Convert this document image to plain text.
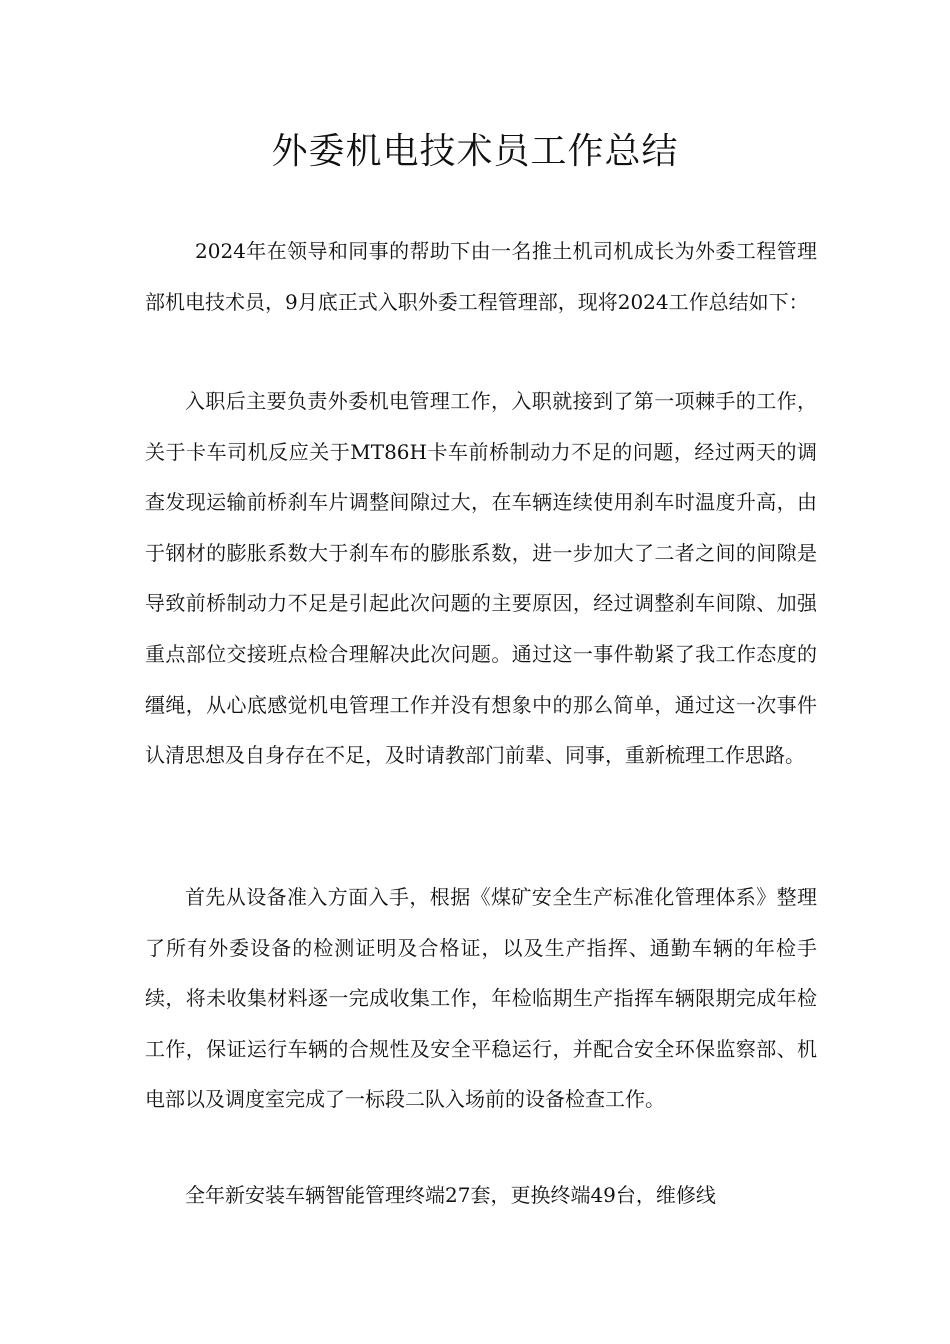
外委机电技术员工作总结

2024年在领导和同事的帮助下由一名推土机司机成长为外委工程管理部机电技术员，9月底正式入职外委工程管理部，现将2024工作总结如下：

入职后主要负责外委机电管理工作，入职就接到了第一项棘手的工作，关于卡车司机反应关于MT86H卡车前桥制动力不足的问题，经过两天的调查发现运输前桥刹车片调整间隙过大，在车辆连续使用刹车时温度升高，由于钢材的膨胀系数大于刹车布的膨胀系数，进一步加大了二者之间的间隙是导致前桥制动力不足是引起此次问题的主要原因，经过调整刹车间隙、加强重点部位交接班点检合理解决此次问题。通过这一事件勒紧了我工作态度的缰绳，从心底感觉机电管理工作并没有想象中的那么简单，通过这一次事件认清思想及自身存在不足，及时请教部门前辈、同事，重新梳理工作思路。

首先从设备准入方面入手，根据《煤矿安全生产标准化管理体系》整理了所有外委设备的检测证明及合格证，以及生产指挥、通勤车辆的年检手续，将未收集材料逐一完成收集工作，年检临期生产指挥车辆限期完成年检工作，保证运行车辆的合规性及安全平稳运行，并配合安全环保监察部、机电部以及调度室完成了一标段二队入场前的设备检查工作。

全年新安装车辆智能管理终端27套，更换终端49台，维修线
